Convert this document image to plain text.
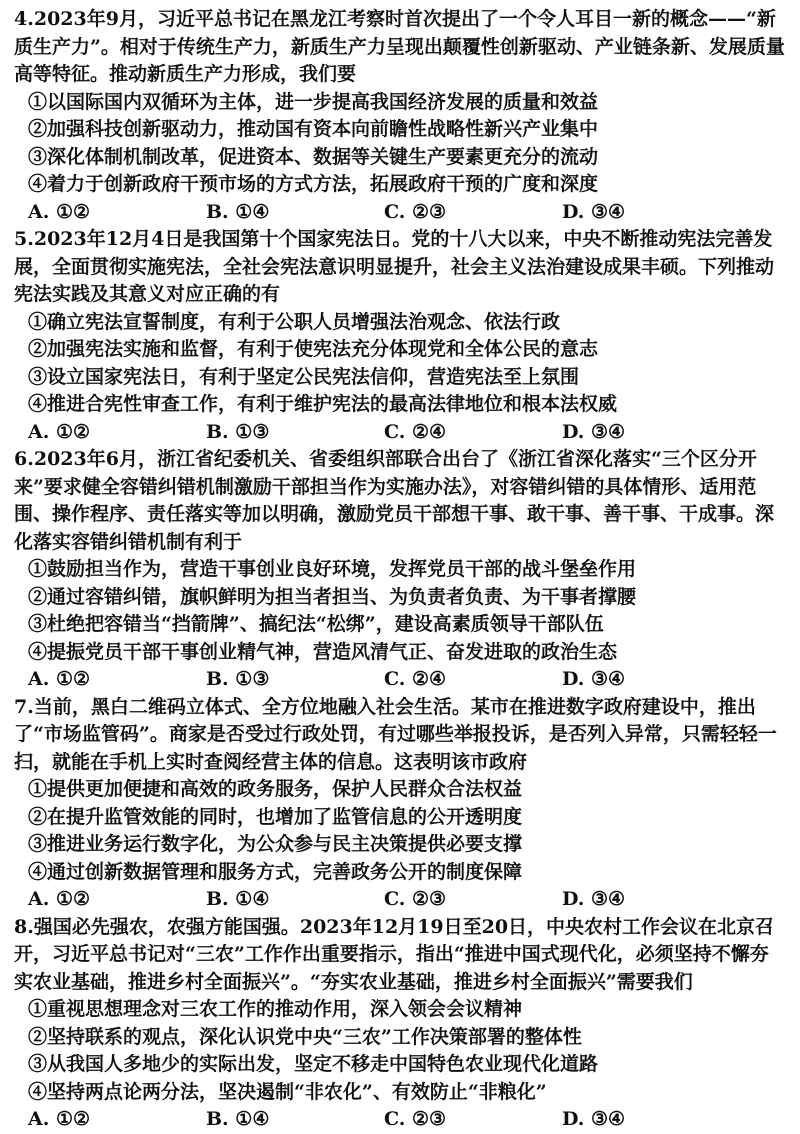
4.2023年9月，习近平总书记在黑龙江考察时首次提出了一个令人耳目一新的概念——“新质生产力”。相对于传统生产力，新质生产力呈现出颠覆性创新驱动、产业链条新、发展质量高等特征。推动新质生产力形成，我们要

①以国际国内双循环为主体，进一步提高我国经济发展的质量和效益

②加强科技创新驱动力，推动国有资本向前瞻性战略性新兴产业集中

③深化体制机制改革，促进资本、数据等关键生产要素更充分的流动

④着力于创新政府干预市场的方式方法，拓展政府干预的广度和深度

A. ①②	B. ①④	C. ②③	D. ③④

5.2023年12月4日是我国第十个国家宪法日。党的十八大以来，中央不断推动宪法完善发展，全面贯彻实施宪法，全社会宪法意识明显提升，社会主义法治建设成果丰硕。下列推动宪法实践及其意义对应正确的有

①确立宪法宣誓制度，有利于公职人员增强法治观念、依法行政

②加强宪法实施和监督，有利于使宪法充分体现党和全体公民的意志

③设立国家宪法日，有利于坚定公民宪法信仰，营造宪法至上氛围

④推进合宪性审查工作，有利于维护宪法的最高法律地位和根本法权威

A. ①②	B. ①③	C. ②④	D. ③④

6.2023年6月，浙江省纪委机关、省委组织部联合出台了《浙江省深化落实“三个区分开来”要求健全容错纠错机制激励干部担当作为实施办法》，对容错纠错的具体情形、适用范围、操作程序、责任落实等加以明确，激励党员干部想干事、敢干事、善干事、干成事。深化落实容错纠错机制有利于

①鼓励担当作为，营造干事创业良好环境，发挥党员干部的战斗堡垒作用

②通过容错纠错，旗帜鲜明为担当者担当、为负责者负责、为干事者撑腰

③杜绝把容错当“挡箭牌”、搞纪法“松绑”，建设高素质领导干部队伍

④提振党员干部干事创业精气神，营造风清气正、奋发进取的政治生态

A. ①②	B. ①③	C. ②④	D. ③④

7.当前，黑白二维码立体式、全方位地融入社会生活。某市在推进数字政府建设中，推出了“市场监管码”。商家是否受过行政处罚，有过哪些举报投诉，是否列入异常，只需轻轻一扫，就能在手机上实时查阅经营主体的信息。这表明该市政府

①提供更加便捷和高效的政务服务，保护人民群众合法权益

②在提升监管效能的同时，也增加了监管信息的公开透明度

③推进业务运行数字化，为公众参与民主决策提供必要支撑

④通过创新数据管理和服务方式，完善政务公开的制度保障

A. ①②	B. ①④	C. ②③	D. ③④

8.强国必先强农，农强方能国强。2023年12月19日至20日，中央农村工作会议在北京召开，习近平总书记对“三农”工作作出重要指示，指出“推进中国式现代化，必须坚持不懈夯实农业基础，推进乡村全面振兴”。“夯实农业基础，推进乡村全面振兴”需要我们

①重视思想理念对三农工作的推动作用，深入领会会议精神

②坚持联系的观点，深化认识党中央“三农”工作决策部署的整体性

③从我国人多地少的实际出发，坚定不移走中国特色农业现代化道路

④坚持两点论两分法，坚决遏制“非农化”、有效防止“非粮化”

A. ①②	B. ①④	C. ②③	D. ③④
